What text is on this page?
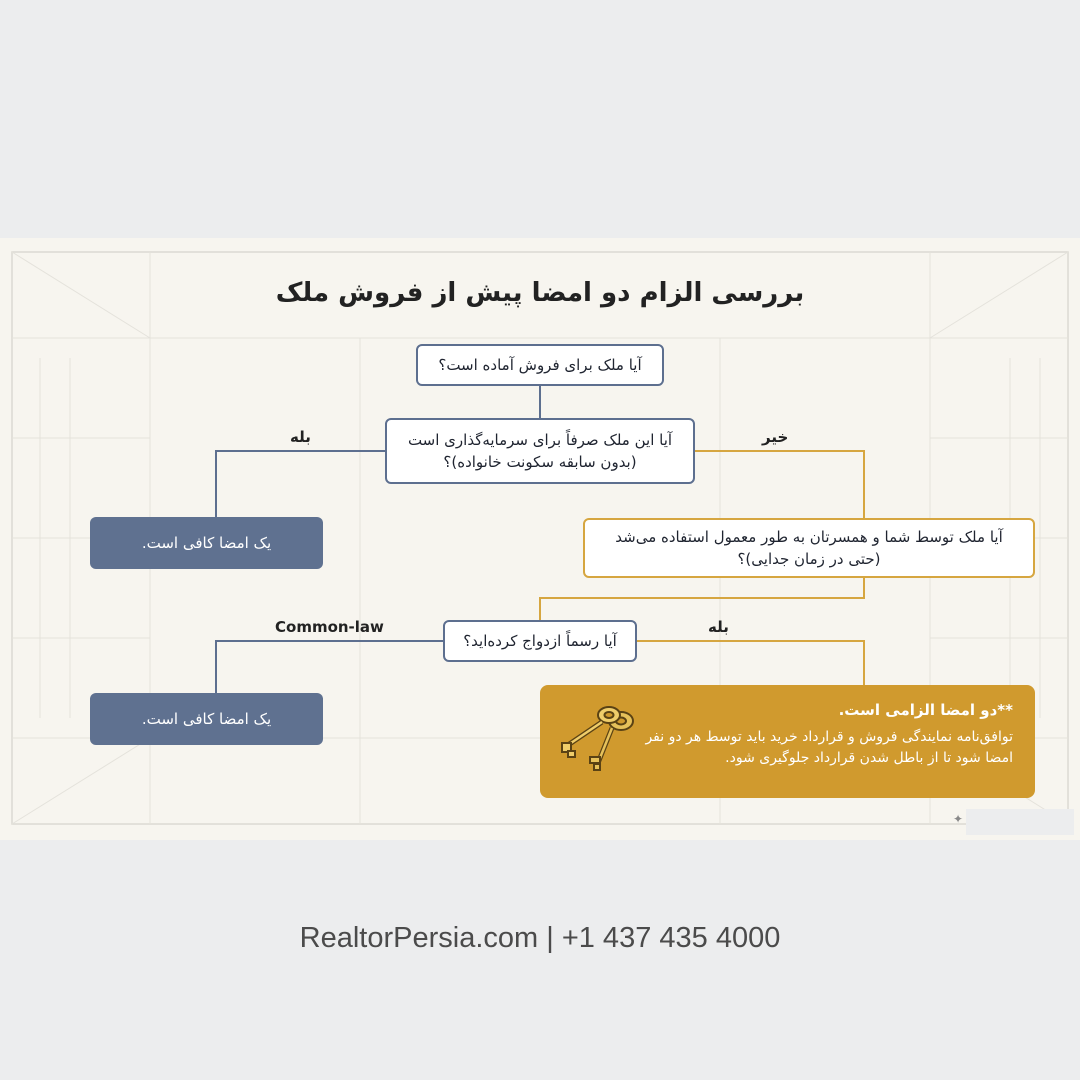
بررسی الزام دو امضا پیش از فروش ملک
آیا ملک برای فروش آماده است؟
آیا این ملک صرفاً برای سرمایه‌گذاری است (بدون سابقه سکونت خانواده)؟
بله	خیر
یک امضا کافی است.	آیا ملک توسط شما و همسرتان به طور معمول استفاده می‌شد (حتی در زمان جدایی)؟
Common-law	بله
آیا رسماً ازدواج کرده‌اید؟
یک امضا کافی است.	**دو امضا الزامی است.
توافق‌نامه نمایندگی فروش و قرارداد خرید باید توسط هر دو نفر امضا شود تا از باطل شدن قرارداد جلوگیری شود.
✦
RealtorPersia.com | +1 437 435 4000
